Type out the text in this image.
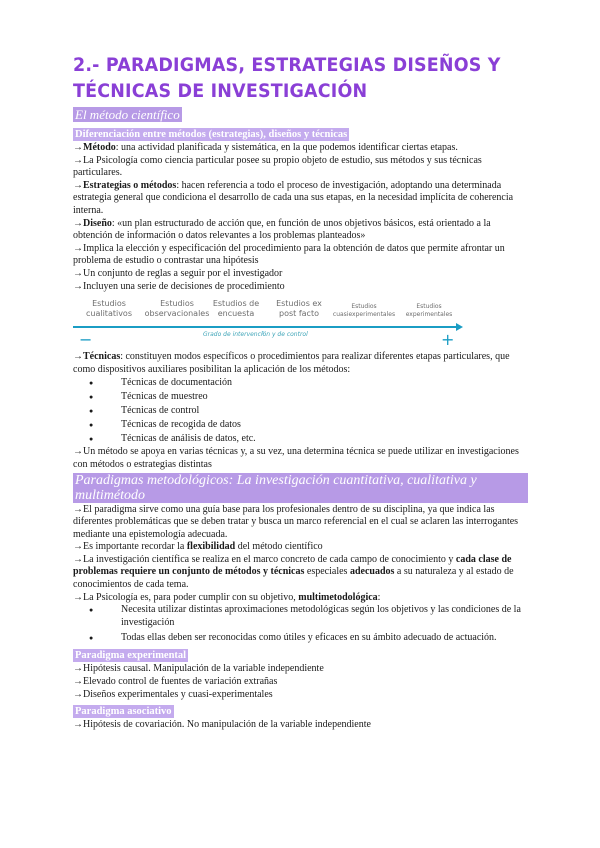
2.- PARADIGMAS, ESTRATEGIAS DISEÑOS Y
TÉCNICAS DE INVESTIGACIÓN
El método científico
Diferenciación entre métodos (estrategias), diseños y técnicas

→Método: una actividad planificada y sistemática, en la que podemos identificar ciertas etapas.

→La Psicología como ciencia particular posee su propio objeto de estudio, sus métodos y sus técnicas particulares.

→Estrategias o métodos: hacen referencia a todo el proceso de investigación, adoptando una determinada estrategia general que condiciona el desarrollo de cada una sus etapas, en la necesidad implícita de coherencia interna.

→Diseño: «un plan estructurado de acción que, en función de unos objetivos básicos, está orientado a la obtención de información o datos relevantes a los problemas planteados»

→Implica la elección y especificación del procedimiento para la obtención de datos que permite afrontar un problema de estudio o contrastar una hipótesis

→Un conjunto de reglas a seguir por el investigador

→Incluyen una serie de decisiones de procedimiento

Estudios cualitativos
Estudios observacionales
Estudios de encuesta
Estudios ex post facto
Estudios cuasiexperimentales
Estudios experimentales
Grado de intervención y de control
−	+

→Técnicas: constituyen modos específicos o procedimientos para realizar diferentes etapas particulares, que como dispositivos auxiliares posibilitan la aplicación de los métodos:

● Técnicas de documentación
● Técnicas de muestreo
● Técnicas de control
● Técnicas de recogida de datos
● Técnicas de análisis de datos, etc.

→Un método se apoya en varias técnicas y, a su vez, una determina técnica se puede utilizar en investigaciones con métodos o estrategias distintas

Paradigmas metodológicos: La investigación cuantitativa, cualitativa y multimétodo

→El paradigma sirve como una guía base para los profesionales dentro de su disciplina, ya que indica las diferentes problemáticas que se deben tratar y busca un marco referencial en el cual se aclaren las interrogantes mediante una epistemología adecuada.

→Es importante recordar la flexibilidad del método científico

→La investigación científica se realiza en el marco concreto de cada campo de conocimiento y cada clase de problemas requiere un conjunto de métodos y técnicas especiales adecuados a su naturaleza y al estado de conocimientos de cada tema.

→La Psicología es, para poder cumplir con su objetivo, multimetodológica:

● Necesita utilizar distintas aproximaciones metodológicas según los objetivos y las condiciones de la investigación
● Todas ellas deben ser reconocidas como útiles y eficaces en su ámbito adecuado de actuación.
Paradigma experimental

→Hipótesis causal. Manipulación de la variable independiente

→Elevado control de fuentes de variación extrañas

→Diseños experimentales y cuasi-experimentales

Paradigma asociativo

→Hipótesis de covariación. No manipulación de la variable independiente
